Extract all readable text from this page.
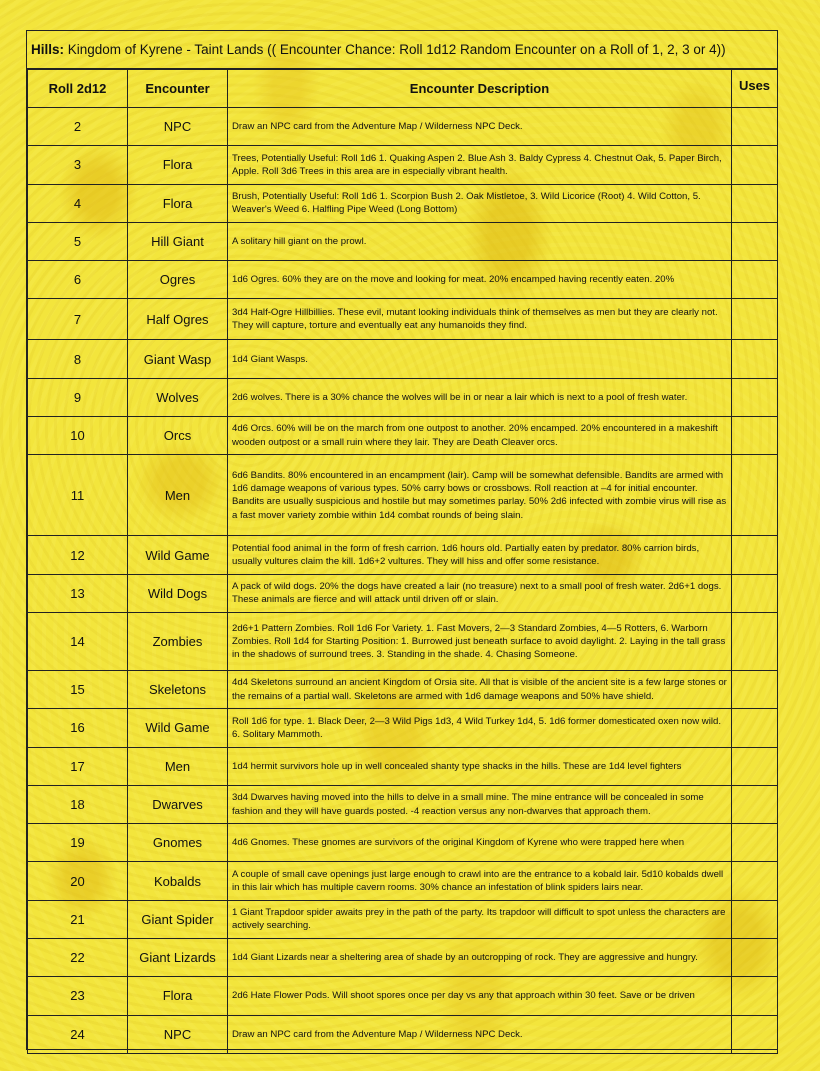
Hills: Kingdom of Kyrene - Taint Lands (( Encounter Chance: Roll 1d12 Random Encounter on a Roll of 1, 2, 3 or 4))
Roll 2d12	Encounter	Encounter Description	Uses
2	NPC	Draw an NPC card from the Adventure Map / Wilderness NPC Deck.	
3	Flora	Trees, Potentially Useful: Roll 1d6 1. Quaking Aspen 2. Blue Ash 3. Baldy Cypress 4. Chestnut Oak, 5. Paper Birch, Apple. Roll 3d6 Trees in this area are in especially vibrant health.	
4	Flora	Brush, Potentially Useful: Roll 1d6 1. Scorpion Bush 2. Oak Mistletoe, 3. Wild Licorice (Root) 4. Wild Cotton, 5. Weaver's Weed 6. Halfling Pipe Weed (Long Bottom)	
5	Hill Giant	A solitary hill giant on the prowl.	
6	Ogres	1d6 Ogres. 60% they are on the move and looking for meat. 20% encamped having recently eaten. 20%	
7	Half Ogres	3d4 Half-Ogre Hillbillies. These evil, mutant looking individuals think of themselves as men but they are clearly not. They will capture, torture and eventually eat any humanoids they find.	
8	Giant Wasp	1d4 Giant Wasps.	
9	Wolves	2d6 wolves. There is a 30% chance the wolves will be in or near a lair which is next to a pool of fresh water.	
10	Orcs	4d6 Orcs. 60% will be on the march from one outpost to another. 20% encamped. 20% encountered in a makeshift wooden outpost or a small ruin where they lair. They are Death Cleaver orcs.	
11	Men	6d6 Bandits. 80% encountered in an encampment (lair). Camp will be somewhat defensible. Bandits are armed with 1d6 damage weapons of various types. 50% carry bows or crossbows. Roll reaction at –4 for initial encounter. Bandits are usually suspicious and hostile but may sometimes parlay. 50% 2d6 infected with zombie virus will rise as a fast mover variety zombie within 1d4 combat rounds of being slain.	
12	Wild Game	Potential food animal in the form of fresh carrion. 1d6 hours old. Partially eaten by predator. 80% carrion birds, usually vultures claim the kill. 1d6+2 vultures. They will hiss and offer some resistance.	
13	Wild Dogs	A pack of wild dogs. 20% the dogs have created a lair (no treasure) next to a small pool of fresh water. 2d6+1 dogs. These animals are fierce and will attack until driven off or slain.	
14	Zombies	2d6+1 Pattern Zombies. Roll 1d6 For Variety. 1. Fast Movers, 2—3 Standard Zombies, 4—5 Rotters, 6. Warborn Zombies. Roll 1d4 for Starting Position: 1. Burrowed just beneath surface to avoid daylight. 2. Laying in the tall grass in the shadows of surround trees. 3. Standing in the shade. 4. Chasing Someone.	
15	Skeletons	4d4 Skeletons surround an ancient Kingdom of Orsia site. All that is visible of the ancient site is a few large stones or the remains of a partial wall. Skeletons are armed with 1d6 damage weapons and 50% have shield.	
16	Wild Game	Roll 1d6 for type. 1. Black Deer, 2—3 Wild Pigs 1d3, 4 Wild Turkey 1d4, 5. 1d6 former domesticated oxen now wild. 6. Solitary Mammoth.	
17	Men	1d4 hermit survivors hole up in well concealed shanty type shacks in the hills. These are 1d4 level fighters	
18	Dwarves	3d4 Dwarves having moved into the hills to delve in a small mine. The mine entrance will be concealed in some fashion and they will have guards posted. -4 reaction versus any non-dwarves that approach them.	
19	Gnomes	4d6 Gnomes. These gnomes are survivors of the original Kingdom of Kyrene who were trapped here when	
20	Kobalds	A couple of small cave openings just large enough to crawl into are the entrance to a kobald lair. 5d10 kobalds dwell in this lair which has multiple cavern rooms. 30% chance an infestation of blink spiders lairs near.	
21	Giant Spider	1 Giant Trapdoor spider awaits prey in the path of the party. Its trapdoor will difficult to spot unless the characters are actively searching.	
22	Giant Lizards	1d4 Giant Lizards near a sheltering area of shade by an outcropping of rock. They are aggressive and hungry.	
23	Flora	2d6 Hate Flower Pods. Will shoot spores once per day vs any that approach within 30 feet. Save or be driven	
24	NPC	Draw an NPC card from the Adventure Map / Wilderness NPC Deck.	
